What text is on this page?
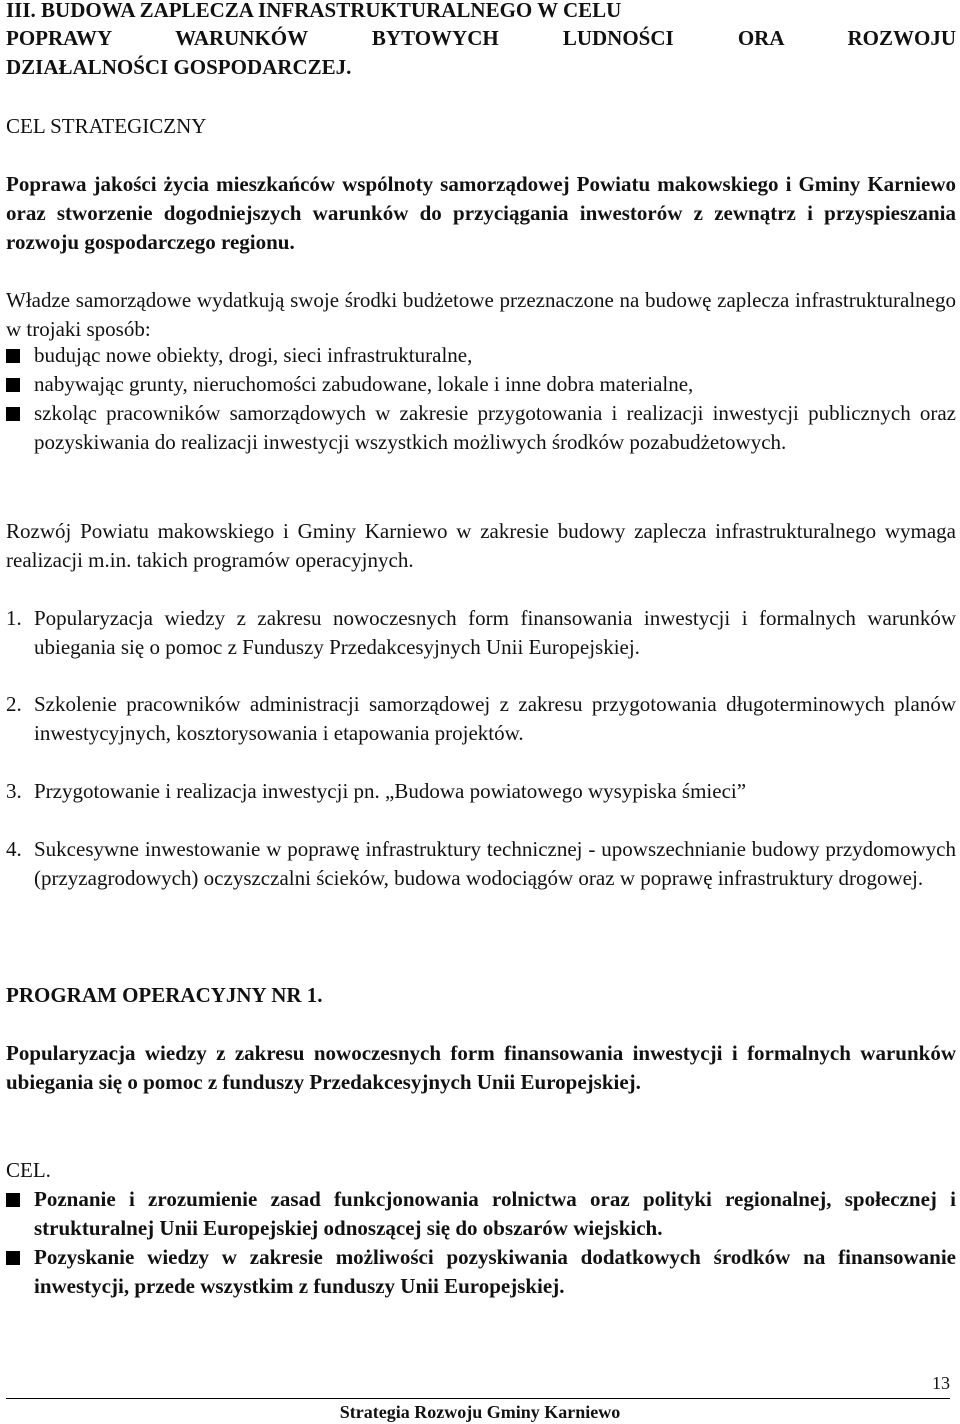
III. BUDOWA ZAPLECZA INFRASTRUKTURALNEGO W CELU
POPRAWY WARUNKÓW BYTOWYCH LUDNOŚCI ORA ROZWOJU
DZIAŁALNOŚCI GOSPODARCZEJ.
CEL STRATEGICZNY
Poprawa jakości życia mieszkańców wspólnoty samorządowej Powiatu makowskiego i Gminy Karniewo oraz stworzenie dogodniejszych warunków do przyciągania inwestorów z zewnątrz i przyspieszania rozwoju gospodarczego regionu.
Władze samorządowe wydatkują swoje środki budżetowe przeznaczone na budowę zaplecza infrastrukturalnego w trojaki sposób:
budując nowe obiekty, drogi, sieci infrastrukturalne,
nabywając grunty, nieruchomości zabudowane, lokale i inne dobra materialne,
szkoląc pracowników samorządowych w zakresie przygotowania i realizacji inwestycji publicznych oraz pozyskiwania do realizacji inwestycji wszystkich możliwych środków pozabudżetowych.
Rozwój Powiatu makowskiego i Gminy Karniewo w zakresie budowy zaplecza infrastrukturalnego wymaga realizacji m.in. takich programów operacyjnych.
1. Popularyzacja wiedzy z zakresu nowoczesnych form finansowania inwestycji i formalnych warunków ubiegania się o pomoc z Funduszy Przedakcesyjnych Unii Europejskiej.
2. Szkolenie pracowników administracji samorządowej z zakresu przygotowania długoterminowych planów inwestycyjnych, kosztorysowania i etapowania projektów.
3. Przygotowanie i realizacja inwestycji pn. „Budowa powiatowego wysypiska śmieci”
4. Sukcesywne inwestowanie w poprawę infrastruktury technicznej - upowszechnianie budowy przydomowych (przyzagrodowych) oczyszczalni ścieków, budowa wodociągów oraz w poprawę infrastruktury drogowej.
PROGRAM OPERACYJNY NR 1.
Popularyzacja wiedzy z zakresu nowoczesnych form finansowania inwestycji i formalnych warunków ubiegania się o pomoc z funduszy Przedakcesyjnych Unii Europejskiej.
CEL.
Poznanie i zrozumienie zasad funkcjonowania rolnictwa oraz polityki regionalnej, społecznej i strukturalnej Unii Europejskiej odnoszącej się do obszarów wiejskich.
Pozyskanie wiedzy w zakresie możliwości pozyskiwania dodatkowych środków na finansowanie inwestycji, przede wszystkim z funduszy Unii Europejskiej.
13
Strategia Rozwoju Gminy Karniewo
